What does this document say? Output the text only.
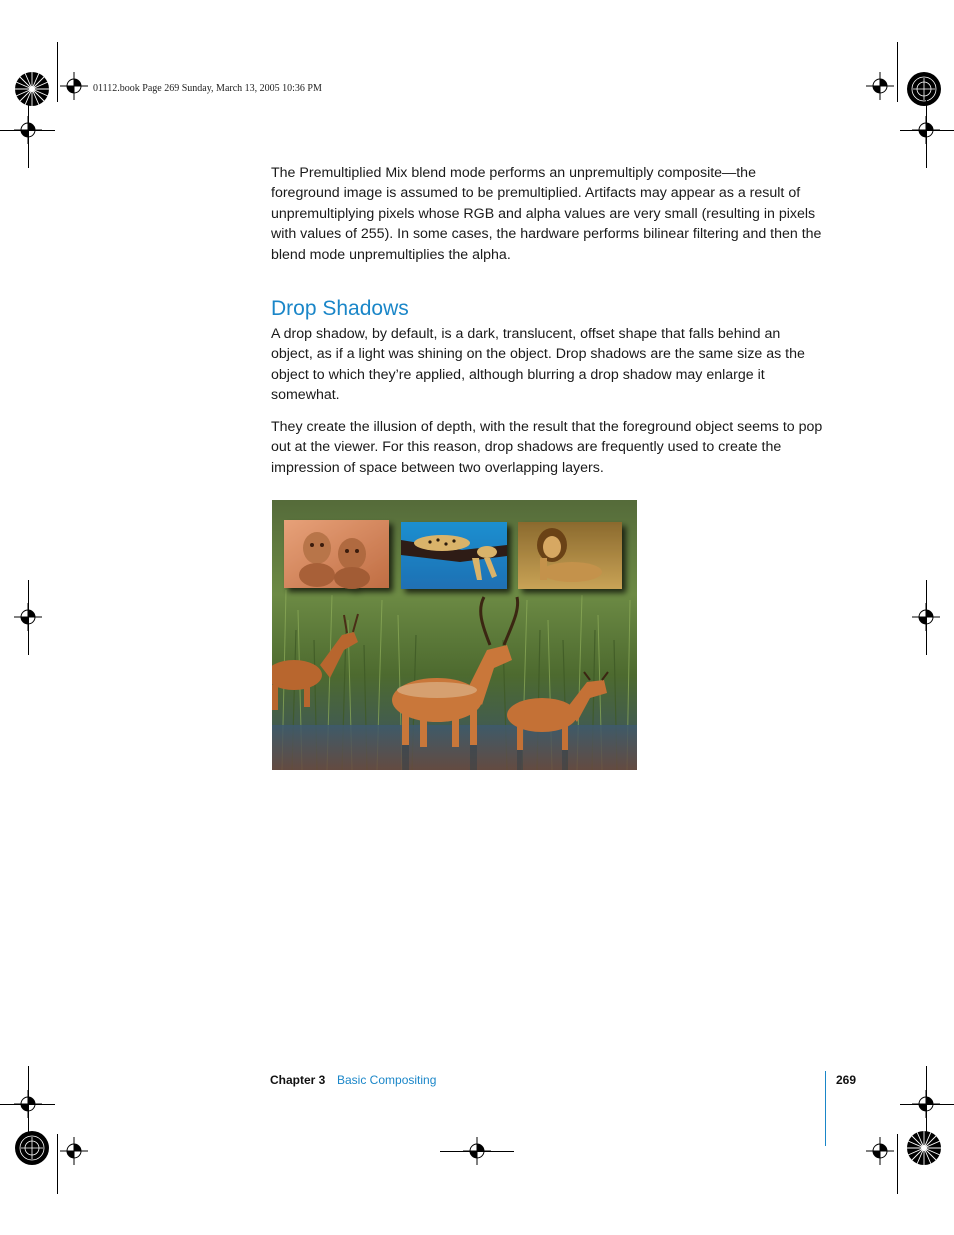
01112.book Page 269 Sunday, March 13, 2005 10:36 PM

The Premultiplied Mix blend mode performs an unpremultiply composite—the foreground image is assumed to be premultiplied. Artifacts may appear as a result of unpremultiplying pixels whose RGB and alpha values are very small (resulting in pixels with values of 255). In some cases, the hardware performs bilinear filtering and then the blend mode unpremultiplies the alpha.

Drop Shadows

A drop shadow, by default, is a dark, translucent, offset shape that falls behind an object, as if a light was shining on the object. Drop shadows are the same size as the object to which they’re applied, although blurring a drop shadow may enlarge it somewhat.

They create the illusion of depth, with the result that the foreground object seems to pop out at the viewer. For this reason, drop shadows are frequently used to create the impression of space between two overlapping layers.

Chapter 3 Basic Compositing	269
